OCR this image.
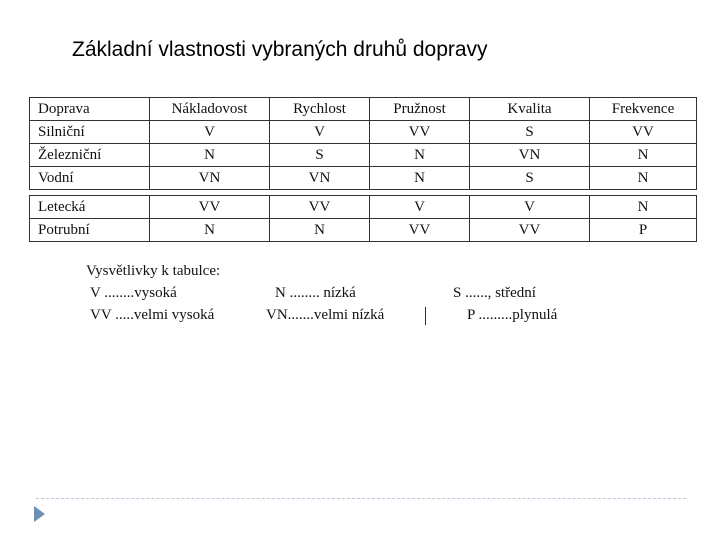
Základní vlastnosti vybraných druhů dopravy
Doprava	Nákladovost	Rychlost	Pružnost	Kvalita	Frekvence
Silniční	V	V	VV	S	VV
Železniční	N	S	N	VN	N
Vodní	VN	VN	N	S	N
Letecká	VV	VV	V	V	N
Potrubní	N	N	VV	VV	P
Vysvětlivky k tabulce:
V ........vysoká	N ........ nízká	S ......, střední
VV .....velmi vysoká	VN.......velmi nízká	P .........plynulá
